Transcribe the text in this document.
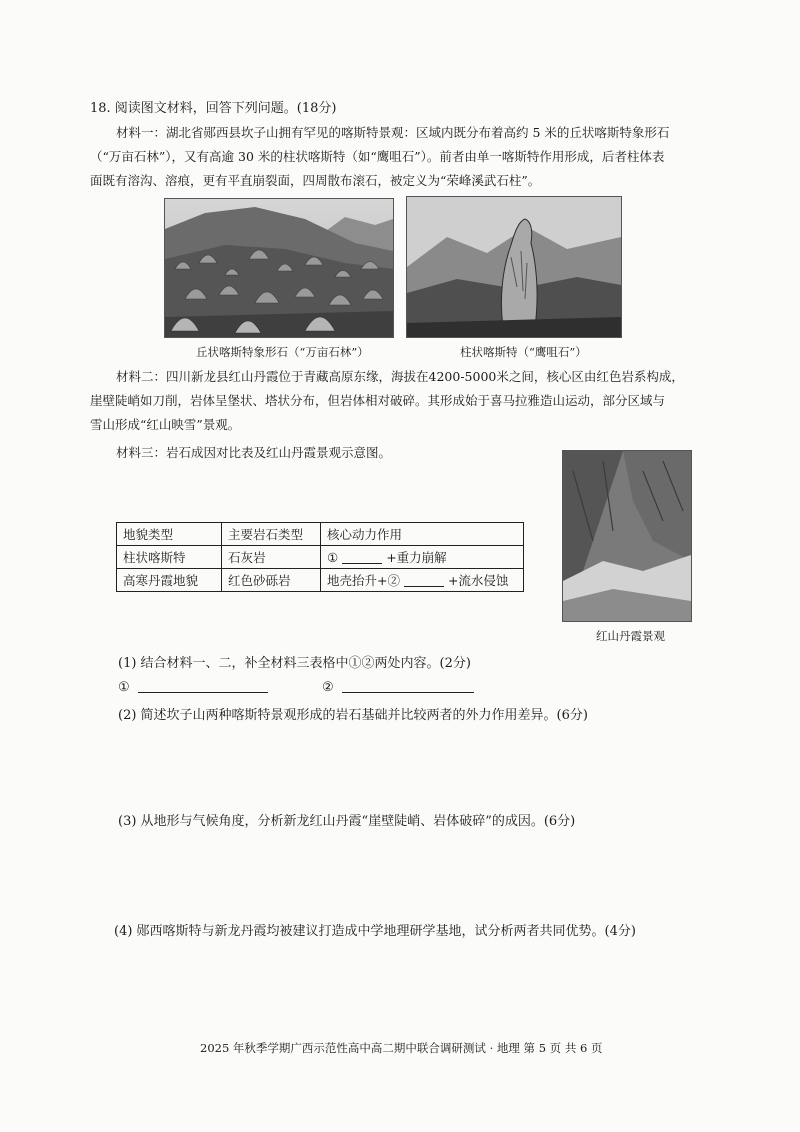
18. 阅读图文材料，回答下列问题。(18分)
材料一：湖北省郧西县坎子山拥有罕见的喀斯特景观：区域内既分布着高约 5 米的丘状喀斯特象形石
（“万亩石林”），又有高逾 30 米的柱状喀斯特（如“鹰咀石”）。前者由单一喀斯特作用形成，后者柱体表
面既有溶沟、溶痕，更有平直崩裂面，四周散布滚石，被定义为“荣峰溪武石柱”。
丘状喀斯特象形石（“万亩石林”）	柱状喀斯特（“鹰咀石”）
材料二：四川新龙县红山丹霞位于青藏高原东缘，海拔在4200-5000米之间，核心区由红色岩系构成，
崖壁陡峭如刀削，岩体呈堡状、塔状分布，但岩体相对破碎。其形成始于喜马拉雅造山运动，部分区域与
雪山形成“红山映雪”景观。
材料三：岩石成因对比表及红山丹霞景观示意图。
红山丹霞景观
地貌类型	主要岩石类型	核心动力作用
柱状喀斯特	石灰岩	① +重力崩解
高寒丹霞地貌	红色砂砾岩	地壳抬升+② +流水侵蚀
(1) 结合材料一、二，补全材料三表格中①②两处内容。(2分)
①	②
(2) 简述坎子山两种喀斯特景观形成的岩石基础并比较两者的外力作用差异。(6分)
(3) 从地形与气候角度，分析新龙红山丹霞“崖壁陡峭、岩体破碎”的成因。(6分)
(4) 郧西喀斯特与新龙丹霞均被建议打造成中学地理研学基地，试分析两者共同优势。(4分)
2025 年秋季学期广西示范性高中高二期中联合调研测试 · 地理 第 5 页 共 6 页
